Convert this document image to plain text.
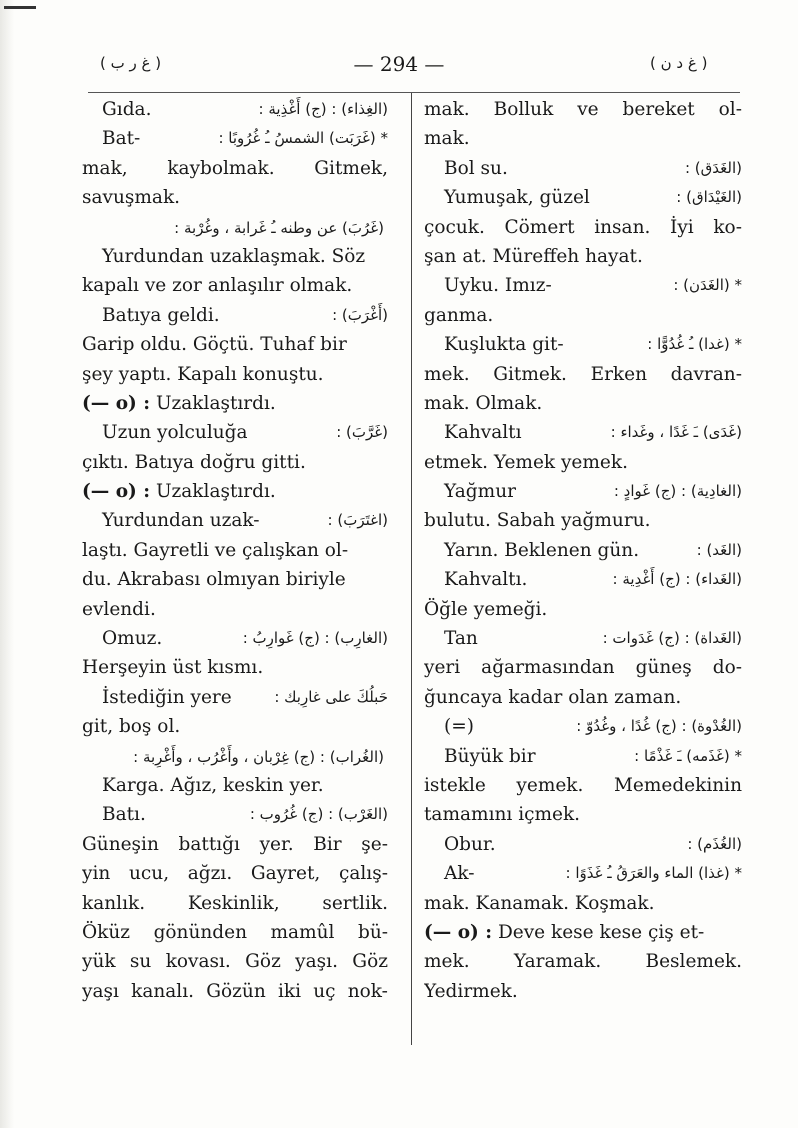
( غ ر ب )	— 294 —	( غ د ن )
Gıda.	(الغِذاء) : (ج) أَغْذِية :
Bat-	* (غَرَبَت) الشمسُ ـُ غُرُوبًا :
mak, kaybolmak. Gitmek,
savuşmak.
(غَرُبَ) عن وطنه ـُ غَرابة ، وغُرْبة :
Yurdundan uzaklaşmak. Söz
kapalı ve zor anlaşılır olmak.
Batıya geldi.	(أَغْرَبَ) :
Garip oldu. Göçtü. Tuhaf bir
şey yaptı. Kapalı konuştu.
(— o) : Uzaklaştırdı.
Uzun yolculuğa	(غَرَّبَ) :
çıktı. Batıya doğru gitti.
(— o) : Uzaklaştırdı.
Yurdundan uzak-	(اغتَرَبَ) :
laştı. Gayretli ve çalışkan ol-
du. Akrabası olmıyan biriyle
evlendi.
Omuz.	(الغارِب) : (ج) غَوارِبُ :
Herşeyin üst kısmı.
İstediğin yere	حَبلُكَ على غارِبك :
git, boş ol.
(الغُراب) : (ج) غِرْبان ، وأَغْرُب ، وأَغْرِبة :
Karga. Ağız, keskin yer.
Batı.	(الغَرْب) : (ج) غُرُوب :
Güneşin battığı yer. Bir şe-
yin ucu, ağzı. Gayret, çalış-
kanlık. Keskinlik, sertlik.
Öküz gönünden mamûl bü-
yük su kovası. Göz yaşı. Göz
yaşı kanalı. Gözün iki uç nok-
mak. Bolluk ve bereket ol-
mak.
Bol su.	(الغَدَق) :
Yumuşak, güzel	(الغَيْدَاق) :
çocuk. Cömert insan. İyi ko-
şan at. Müreffeh hayat.
Uyku. Imız-	* (الغَدَن) :
ganma.
Kuşlukta git-	* (غدا) ـُ غُدُوًّا :
mek. Gitmek. Erken davran-
mak. Olmak.
Kahvaltı	(غَدَى) ـَ غَدًا ، وغَداء :
etmek. Yemek yemek.
Yağmur	(الغادِية) : (ج) غَوادٍ :
bulutu. Sabah yağmuru.
Yarın. Beklenen gün.	(الغَد) :
Kahvaltı.	(الغَداء) : (ج) أَغْدِية :
Öğle yemeği.
Tan	(الغَداة) : (ج) غَدَوات :
yeri ağarmasından güneş do-
ğuncaya kadar olan zaman.
(=)	(الغُدْوة) : (ج) غُدًا ، وغُدُوّ :
Büyük bir	* (غَذَمه) ـَ غَذْمًا :
istekle yemek. Memedekinin
tamamını içmek.
Obur.	(الغُذَم) :
Ak-	* (غذا) الماء والعَرَقُ ـُ غَذَوًا :
mak. Kanamak. Koşmak.
(— o) : Deve kese kese çiş et-
mek. Yaramak. Beslemek.
Yedirmek.
